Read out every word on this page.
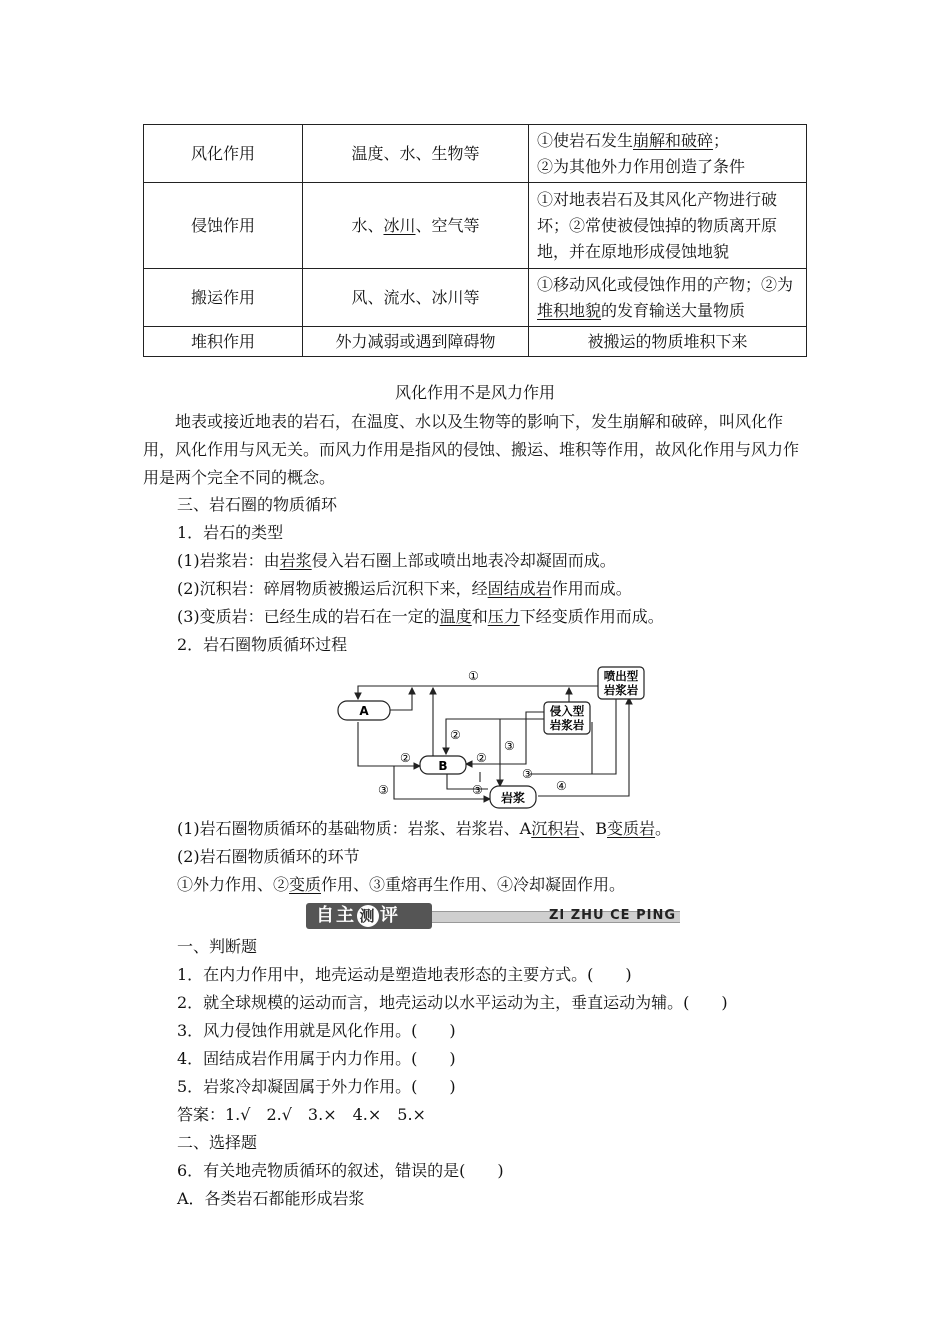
风化作用	温度、水、生物等	①使岩石发生崩解和破碎；
②为其他外力作用创造了条件
侵蚀作用	水、冰川、空气等	①对地表岩石及其风化产物进行破坏；②常使被侵蚀掉的物质离开原地，并在原地形成侵蚀地貌
搬运作用	风、流水、冰川等	①移动风化或侵蚀作用的产物；②为堆积地貌的发育输送大量物质
堆积作用	外力减弱或遇到障碍物	被搬运的物质堆积下来
风化作用不是风力作用
地表或接近地表的岩石，在温度、水以及生物等的影响下，发生崩解和破碎，叫风化作用，风化作用与风无关。而风力作用是指风的侵蚀、搬运、堆积等作用，故风化作用与风力作用是两个完全不同的概念。
三、岩石圈的物质循环
1．岩石的类型
(1)岩浆岩：由岩浆侵入岩石圈上部或喷出地表冷却凝固而成。
(2)沉积岩：碎屑物质被搬运后沉积下来，经固结成岩作用而成。
(3)变质岩：已经生成的岩石在一定的温度和压力下经变质作用而成。
2．岩石圈物质循环过程
A
B
岩浆
喷出型
岩浆岩
侵入型
岩浆岩
①
②
②	②
③
③
③	③	④
(1)岩石圈物质循环的基础物质：岩浆、岩浆岩、A沉积岩、B变质岩。
(2)岩石圈物质循环的环节
①外力作用、②变质作用、③重熔再生作用、④冷却凝固作用。
自主 测 评	ZI ZHU CE PING
一、判断题
1．在内力作用中，地壳运动是塑造地表形态的主要方式。(　　)
2．就全球规模的运动而言，地壳运动以水平运动为主，垂直运动为辅。(　　)
3．风力侵蚀作用就是风化作用。(　　)
4．固结成岩作用属于内力作用。(　　)
5．岩浆冷却凝固属于外力作用。(　　)
答案：1.√　2.√　3.×　4.×　5.×
二、选择题
6．有关地壳物质循环的叙述，错误的是(　　)
A．各类岩石都能形成岩浆
